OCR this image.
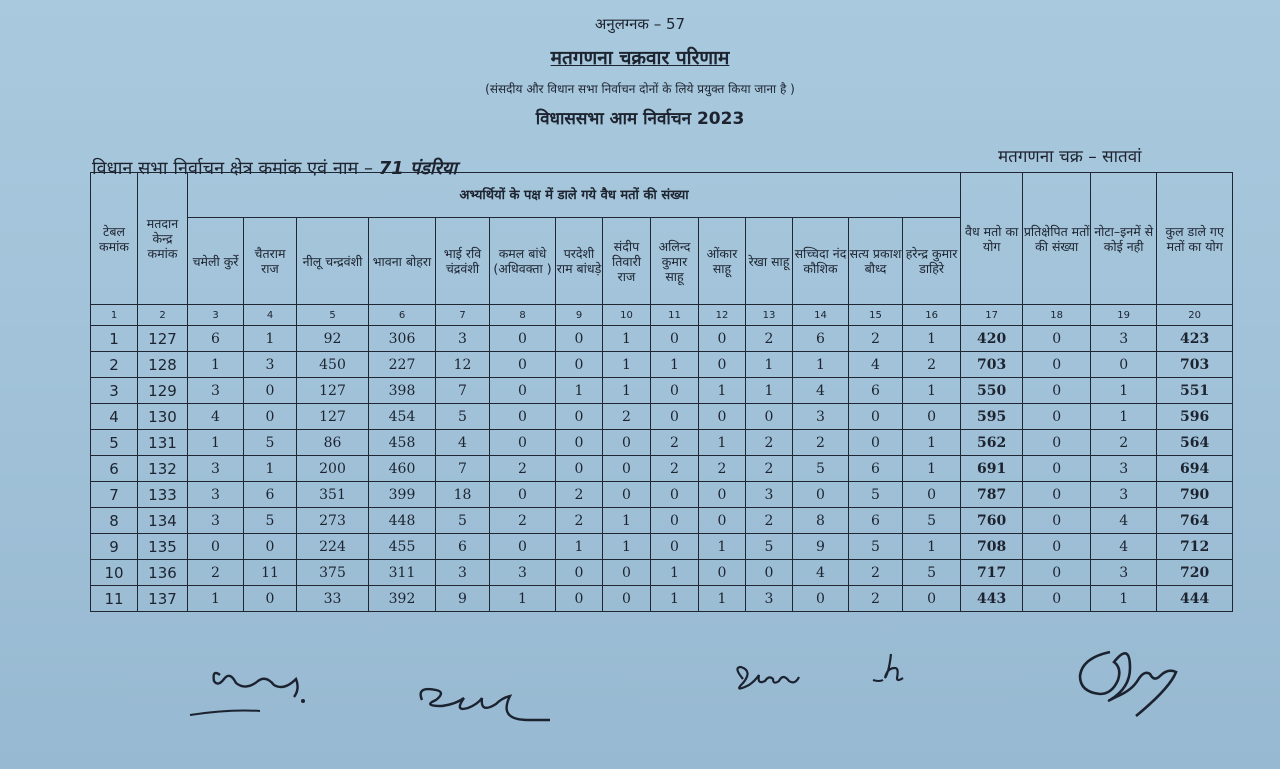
अनुलग्नक – 57
मतगणना चक्रवार परिणाम
(संसदीय और विधान सभा निर्वाचन दोनों के लिये प्रयुक्त किया जाना है )
विधाससभा आम निर्वाचन 2023
विधान सभा निर्वाचन क्षेत्र कमांक एवं नाम – 71 पंडरिया
मतगणना चक्र – सातवां
टेबल कमांक	मतदान केन्द्र कमांक	अभ्यर्थियों के पक्ष में डाले गये वैध मतों की संख्या														वैध मतो का योग	प्रतिक्षेपित मतों की संख्या	नोटा–इनमें से कोई नही	कुल डाले गए मतों का योग
		चमेली कुर्रे	चैतराम राज	नीलू चन्द्रवंशी	भावना बोहरा	भाई रवि चंद्रवंशी	कमल बांधे (अधिवक्ता )	परदेशी राम बांधड़े	संदीप तिवारी राज	अलिन्द कुमार साहू	ओंकार साहू	रेखा साहू	सच्चिदा नंद कौशिक	सत्य प्रकाश बौध्द	हरेन्द्र कुमार डाहिरे				
1	2	3	4	5	6	7	8	9	10	11	12	13	14	15	16	17	18	19	20
1	127	6	1	92	306	3	0	0	1	0	0	2	6	2	1	420	0	3	423
2	128	1	3	450	227	12	0	0	1	1	0	1	1	4	2	703	0	0	703
3	129	3	0	127	398	7	0	1	1	0	1	1	4	6	1	550	0	1	551
4	130	4	0	127	454	5	0	0	2	0	0	0	3	0	0	595	0	1	596
5	131	1	5	86	458	4	0	0	0	2	1	2	2	0	1	562	0	2	564
6	132	3	1	200	460	7	2	0	0	2	2	2	5	6	1	691	0	3	694
7	133	3	6	351	399	18	0	2	0	0	0	3	0	5	0	787	0	3	790
8	134	3	5	273	448	5	2	2	1	0	0	2	8	6	5	760	0	4	764
9	135	0	0	224	455	6	0	1	1	0	1	5	9	5	1	708	0	4	712
10	136	2	11	375	311	3	3	0	0	1	0	0	4	2	5	717	0	3	720
11	137	1	0	33	392	9	1	0	0	1	1	3	0	2	0	443	0	1	444
